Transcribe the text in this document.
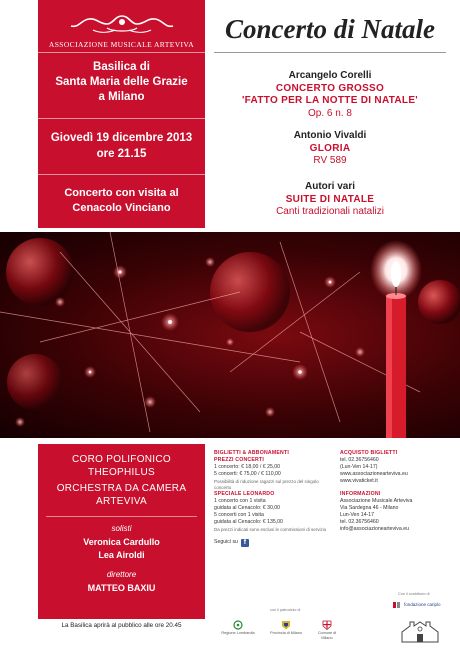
ASSOCIAZIONE MUSICALE ARTEVIVA
Basilica di
Santa Maria delle Grazie
a Milano
Giovedì 19 dicembre 2013
ore 21.15
Concerto con visita al
Cenacolo Vinciano
Concerto di Natale
Arcangelo Corelli
CONCERTO GROSSO
'FATTO PER LA NOTTE DI NATALE'
Op. 6 n. 8
Antonio Vivaldi
GLORIA
RV 589
Autori vari
SUITE DI NATALE
Canti tradizionali natalizi
CORO POLIFONICO
THEOPHILUS
ORCHESTRA DA CAMERA
ARTEVIVA
solisti
Veronica Cardullo
Lea Airoldi
direttore
MATTEO BAXIU
La Basilica aprirà al pubblico alle ore 20.45
BIGLIETTI & ABBONAMENTI
PREZZI CONCERTI
1 concerto: € 18,00 / € 25,00
5 concerti: € 75,00 / € 110,00
Possibilità di riduzione ragazzi sul prezzo del singolo concerto
SPECIALE LEONARDO
1 concerto con 1 visita
guidata al Cenacolo: € 30,00
5 concerti con 1 visita
guidata al Cenacolo: € 135,00
Da prezzi indicati sono esclusi le commissioni di servizio
Seguici su f
ACQUISTO BIGLIETTI
tel. 02.36756460
(Lun-Ven 14-17)
www.associazionearteviva.eu
www.vivaticket.it
INFORMAZIONI
Associazione Musicale Arteviva
Via Sardegna 46 - Milano
Lun-Ven 14-17
tel. 02.36756460
info@associazionearteviva.eu
con il patrocinio di
Regione Lombardia	Provincia di Milano	Comune di Milano
Con il contributo di
fondazione cariplo
